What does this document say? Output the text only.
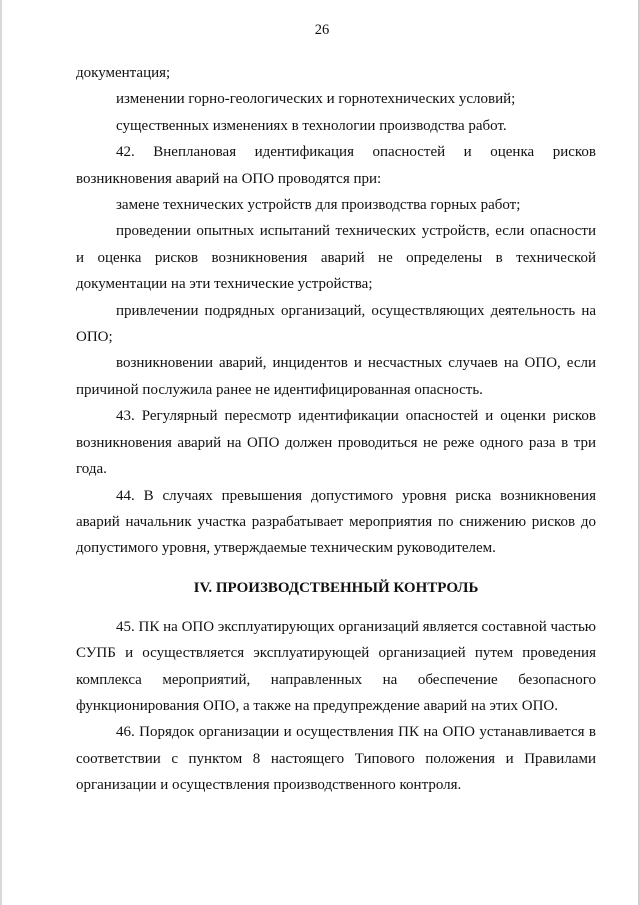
26

документация;

изменении горно-геологических и горнотехнических условий;

существенных изменениях в технологии производства работ.

42. Внеплановая идентификация опасностей и оценка рисков возникновения аварий на ОПО проводятся при:

замене технических устройств для производства горных работ;

проведении опытных испытаний технических устройств, если опасности и оценка рисков возникновения аварий не определены в технической документации на эти технические устройства;

привлечении подрядных организаций, осуществляющих деятельность на ОПО;

возникновении аварий, инцидентов и несчастных случаев на ОПО, если причиной послужила ранее не идентифицированная опасность.

43. Регулярный пересмотр идентификации опасностей и оценки рисков возникновения аварий на ОПО должен проводиться не реже одного раза в три года.

44. В случаях превышения допустимого уровня риска возникновения аварий начальник участка разрабатывает мероприятия по снижению рисков до допустимого уровня, утверждаемые техническим руководителем.

IV. ПРОИЗВОДСТВЕННЫЙ КОНТРОЛЬ

45. ПК на ОПО эксплуатирующих организаций является составной частью СУПБ и осуществляется эксплуатирующей организацией путем проведения комплекса мероприятий, направленных на обеспечение безопасного функционирования ОПО, а также на предупреждение аварий на этих ОПО.

46. Порядок организации и осуществления ПК на ОПО устанавливается в соответствии с пунктом 8 настоящего Типового положения и Правилами организации и осуществления производственного контроля.
